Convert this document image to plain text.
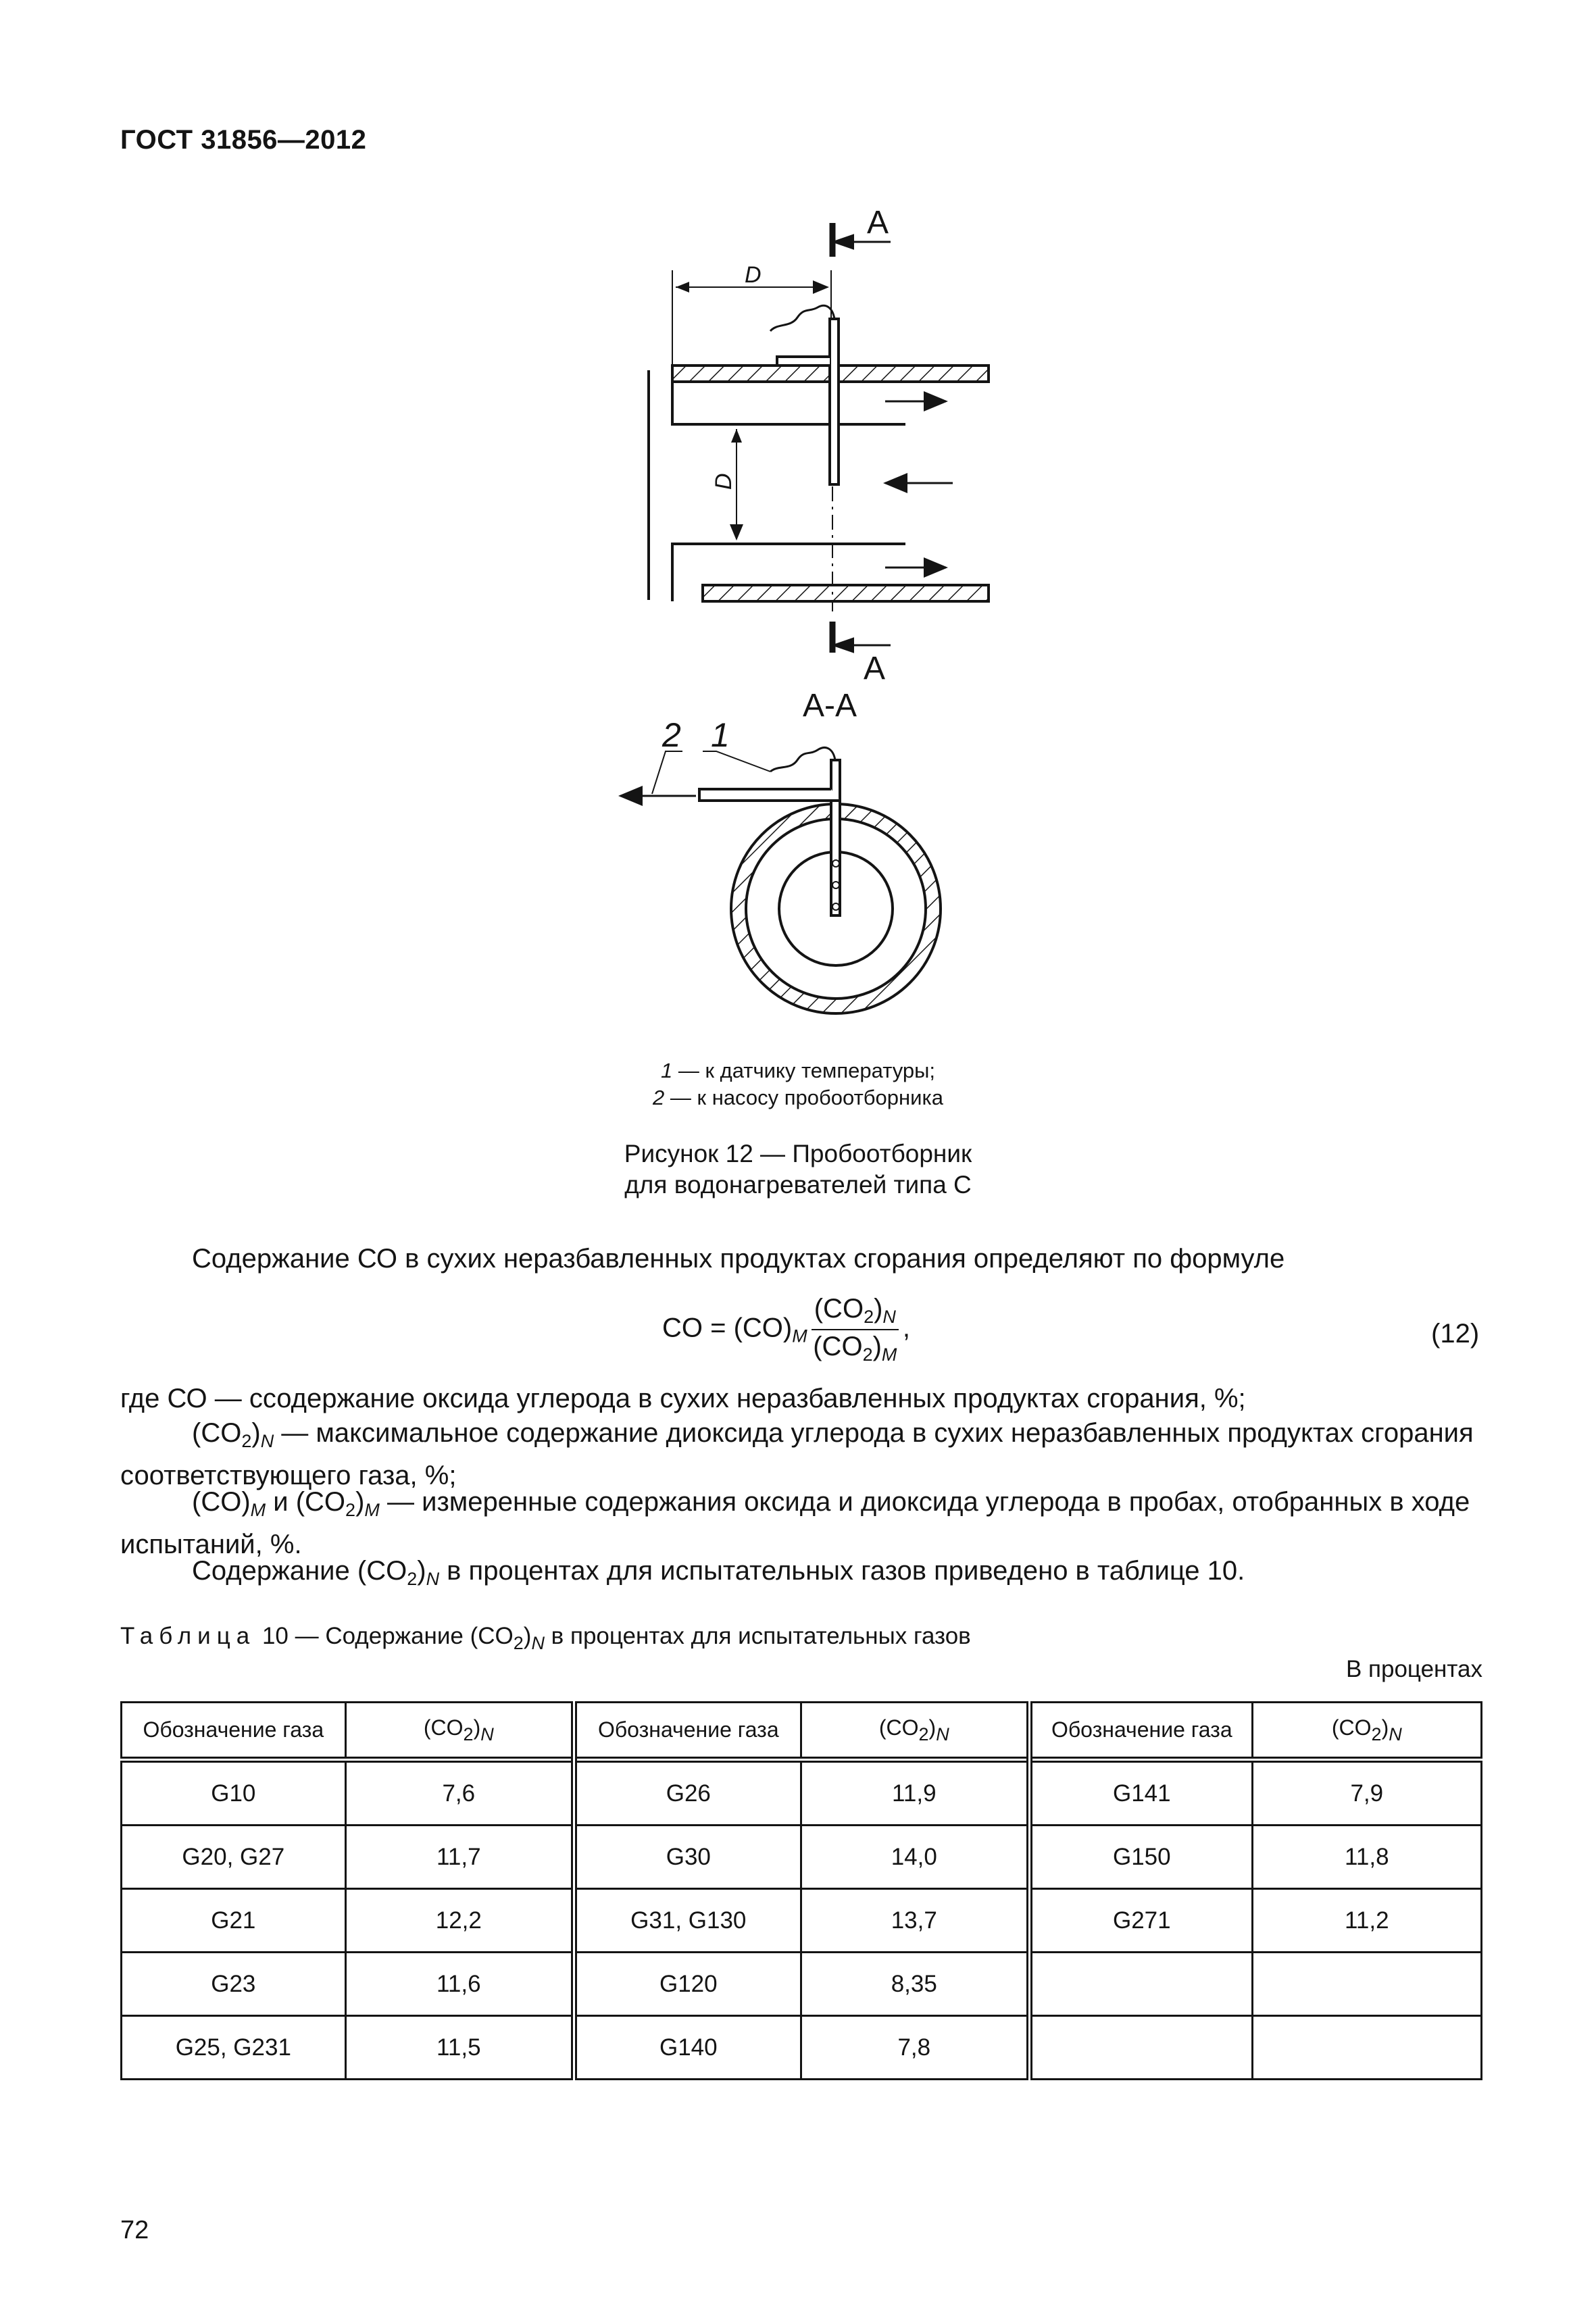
ГОСТ 31856—2012
D
D
A
A
A-A
1
2
1 — к датчику температуры;
2 — к насосу пробоотборника
Рисунок 12 — Пробоотборник
для водонагревателей типа С
Содержание СО в сухих неразбавленных продуктах сгорания определяют по формуле
CO = $(CO)_M \frac{(CO_2)_N}{(CO_2)_M}$ ,	(12)
где СО — ссодержание оксида углерода в сухих неразбавленных продуктах сгорания, %;
$(CO_2)_N$ — максимальное содержание диоксида углерода в сухих неразбавленных продуктах сгорания соответствующего газа, %;
$(CO)_M$ и $(CO_2)_M$ — измеренные содержания оксида и диоксида углерода в пробах, отобранных в ходе испытаний, %.
Содержание $(CO_2)_N$ в процентах для испытательных газов приведено в таблице 10.
Таблица 10 — Содержание $(CO_2)_N$ в процентах для испытательных газов
В процентах
Обозначение газа	$(CO_2)_N$	Обозначение газа	$(CO_2)_N$	Обозначение газа	$(CO_2)_N$
G10	7,6	G26	11,9	G141	7,9
G20, G27	11,7	G30	14,0	G150	11,8
G21	12,2	G31, G130	13,7	G271	11,2
G23	11,6	G120	8,35		
G25, G231	11,5	G140	7,8		
72
